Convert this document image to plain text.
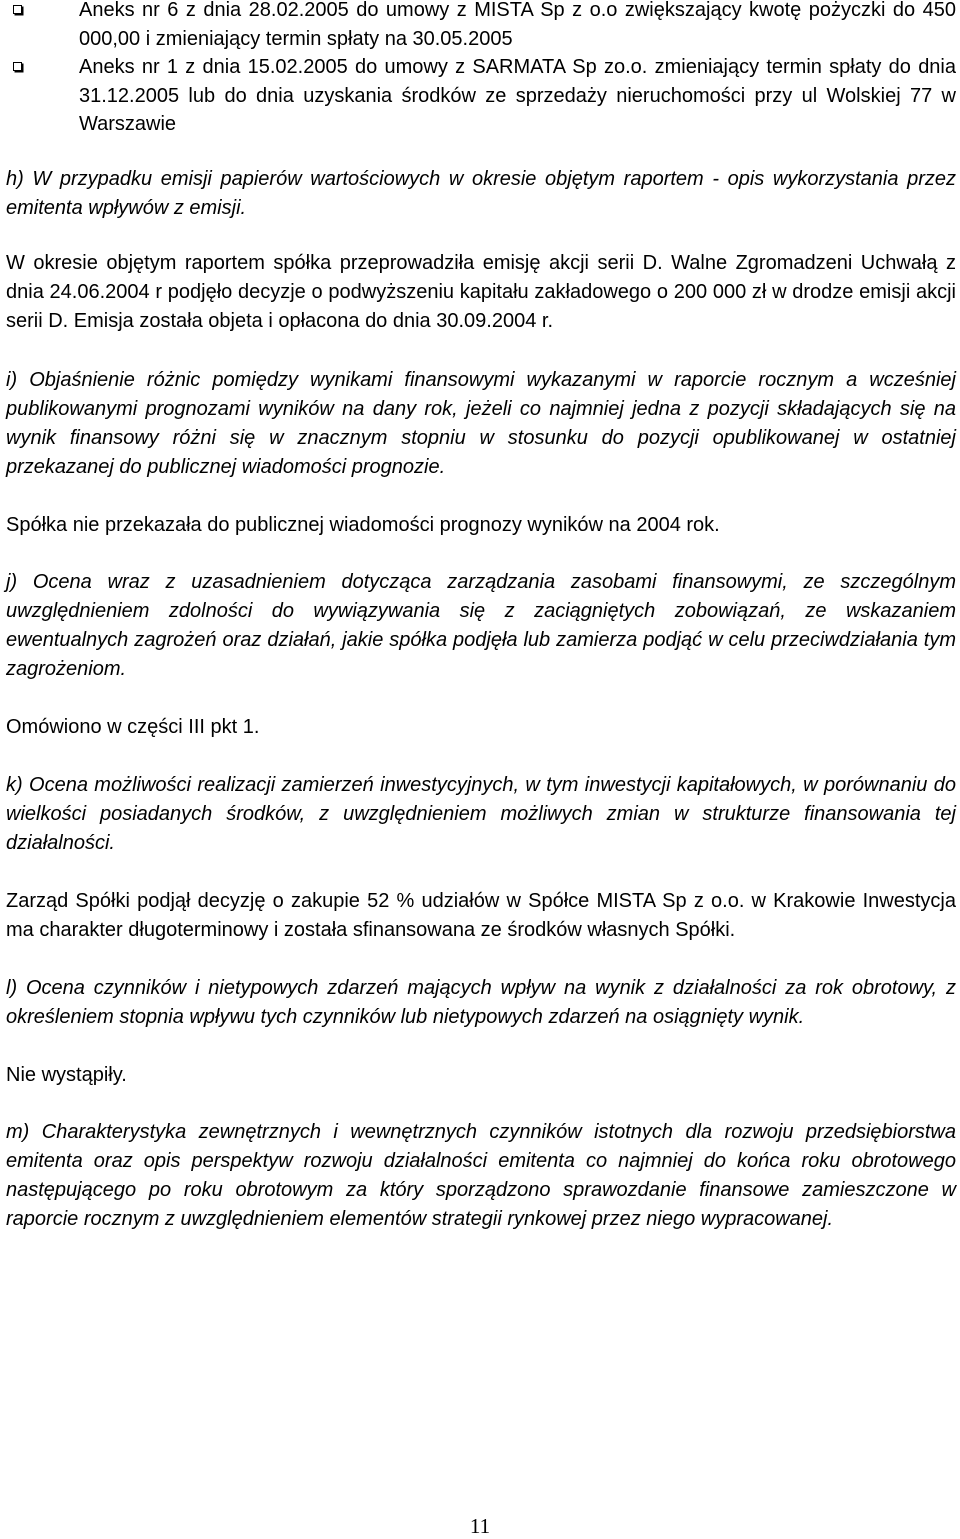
Aneks nr 6 z dnia 28.02.2005 do umowy z MISTA Sp z o.o zwiększający kwotę pożyczki do 450 000,00 i zmieniający termin spłaty na 30.05.2005
Aneks nr 1 z dnia 15.02.2005 do umowy z SARMATA Sp zo.o. zmieniający termin spłaty do dnia 31.12.2005 lub do dnia uzyskania środków ze sprzedaży nieruchomości przy ul Wolskiej 77 w Warszawie

h) W przypadku emisji papierów wartościowych w okresie objętym raportem - opis wykorzystania przez emitenta wpływów z emisji.

W okresie objętym raportem spółka przeprowadziła emisję akcji serii D. Walne Zgromadzeni Uchwałą z dnia 24.06.2004 r podjęło decyzje o podwyższeniu kapitału zakładowego o 200 000 zł w drodze emisji akcji serii D. Emisja została objeta i opłacona do dnia 30.09.2004 r.

i) Objaśnienie różnic pomiędzy wynikami finansowymi wykazanymi w raporcie rocznym a wcześniej publikowanymi prognozami wyników na dany rok, jeżeli co najmniej jedna z pozycji składających się na wynik finansowy różni się w znacznym stopniu w stosunku do pozycji opublikowanej w ostatniej przekazanej do publicznej wiadomości prognozie.

Spółka nie przekazała do publicznej wiadomości prognozy wyników na 2004 rok.

j) Ocena wraz z uzasadnieniem dotycząca zarządzania zasobami finansowymi, ze szczególnym uwzględnieniem zdolności do wywiązywania się z zaciągniętych zobowiązań, ze wskazaniem ewentualnych zagrożeń oraz działań, jakie spółka podjęła lub zamierza podjąć w celu przeciwdziałania tym zagrożeniom.

Omówiono w części III pkt 1.

k) Ocena możliwości realizacji zamierzeń inwestycyjnych, w tym inwestycji kapitałowych, w porównaniu do wielkości posiadanych środków, z uwzględnieniem możliwych zmian w strukturze finansowania tej działalności.

Zarząd Spółki podjął decyzję o zakupie 52 % udziałów w Spółce MISTA Sp z o.o. w Krakowie Inwestycja ma charakter długoterminowy i została sfinansowana ze środków własnych Spółki.

l) Ocena czynników i nietypowych zdarzeń mających wpływ na wynik z działalności za rok obrotowy, z określeniem stopnia wpływu tych czynników lub nietypowych zdarzeń na osiągnięty wynik.

Nie wystąpiły.

m) Charakterystyka zewnętrznych i wewnętrznych czynników istotnych dla rozwoju przedsiębiorstwa emitenta oraz opis perspektyw rozwoju działalności emitenta co najmniej do końca roku obrotowego następującego po roku obrotowym za który sporządzono sprawozdanie finansowe zamieszczone w raporcie rocznym z uwzględnieniem elementów strategii rynkowej przez niego wypracowanej.

11
